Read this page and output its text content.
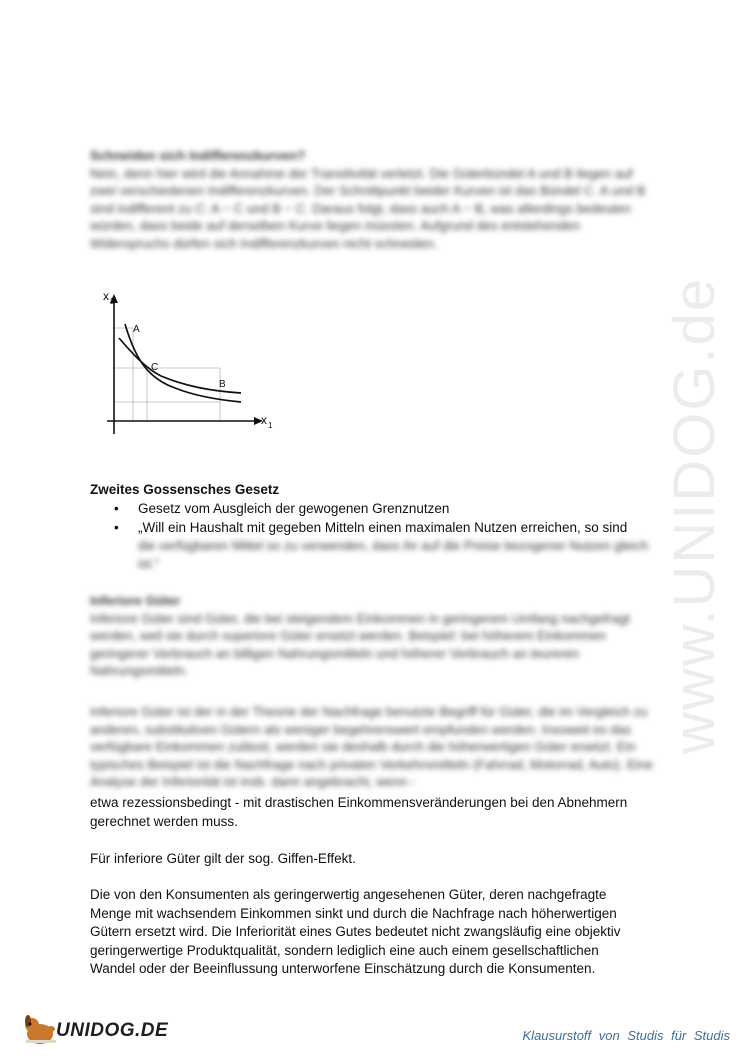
www.UNIDOG.de

Schneiden sich Indifferenzkurven?

Nein, denn hier wird die Annahme der Transitivität verletzt. Die Güterbündel A und B liegen auf zwei verschiedenen Indifferenzkurven. Der Schnittpunkt beider Kurven ist das Bündel C. A und B sind indifferent zu C: A ~ C und B ~ C. Daraus folgt, dass auch A ~ B, was allerdings bedeuten würden, dass beide auf derselben Kurve liegen müssten. Aufgrund des entstehenden Widerspruchs dürfen sich Indifferenzkurven nicht schneiden.

x 2
x 1
A
C
B
Zweites Gossensches Gesetz
• Gesetz vom Ausgleich der gewogenen Grenznutzen
• „Will ein Haushalt mit gegeben Mitteln einen maximalen Nutzen erreichen, so sind
die verfügbaren Mittel so zu verwenden, dass ihr auf die Preise bezogener Nutzen gleich ist.“

Inferiore Güter

Inferiore Güter sind Güter, die bei steigendem Einkommen in geringerem Umfang nachgefragt werden, weil sie durch superiore Güter ersetzt werden. Beispiel: bei höherem Einkommen geringerer Verbrauch an billigen Nahrungsmitteln und höherer Verbrauch an teureren Nahrungsmitteln.

Inferiore Güter ist der in der Theorie der Nachfrage benutzte Begriff für Güter, die im Vergleich zu anderen, substitutiven Gütern als weniger begehrenswert empfunden werden. Insoweit es das verfügbare Einkommen zulässt, werden sie deshalb durch die höherwertigen Güter ersetzt. Ein typisches Beispiel ist die Nachfrage nach privaten Verkehrsmitteln (Fahrrad, Motorrad, Auto). Eine Analyse der Inferiorität ist insb. dann angebracht, wenn -

etwa rezessionsbedingt - mit drastischen Einkommensveränderungen bei den Abnehmern

gerechnet werden muss.

Für inferiore Güter gilt der sog. Giffen-Effekt.

Die von den Konsumenten als geringerwertig angesehenen Güter, deren nachgefragte

Menge mit wachsendem Einkommen sinkt und durch die Nachfrage nach höherwertigen

Gütern ersetzt wird. Die Inferiorität eines Gutes bedeutet nicht zwangsläufig eine objektiv

geringerwertige Produktqualität, sondern lediglich eine auch einem gesellschaftlichen

Wandel oder der Beeinflussung unterworfene Einschätzung durch die Konsumenten.

UNIDOG.DE	Klausurstoff von Studis für Studis
